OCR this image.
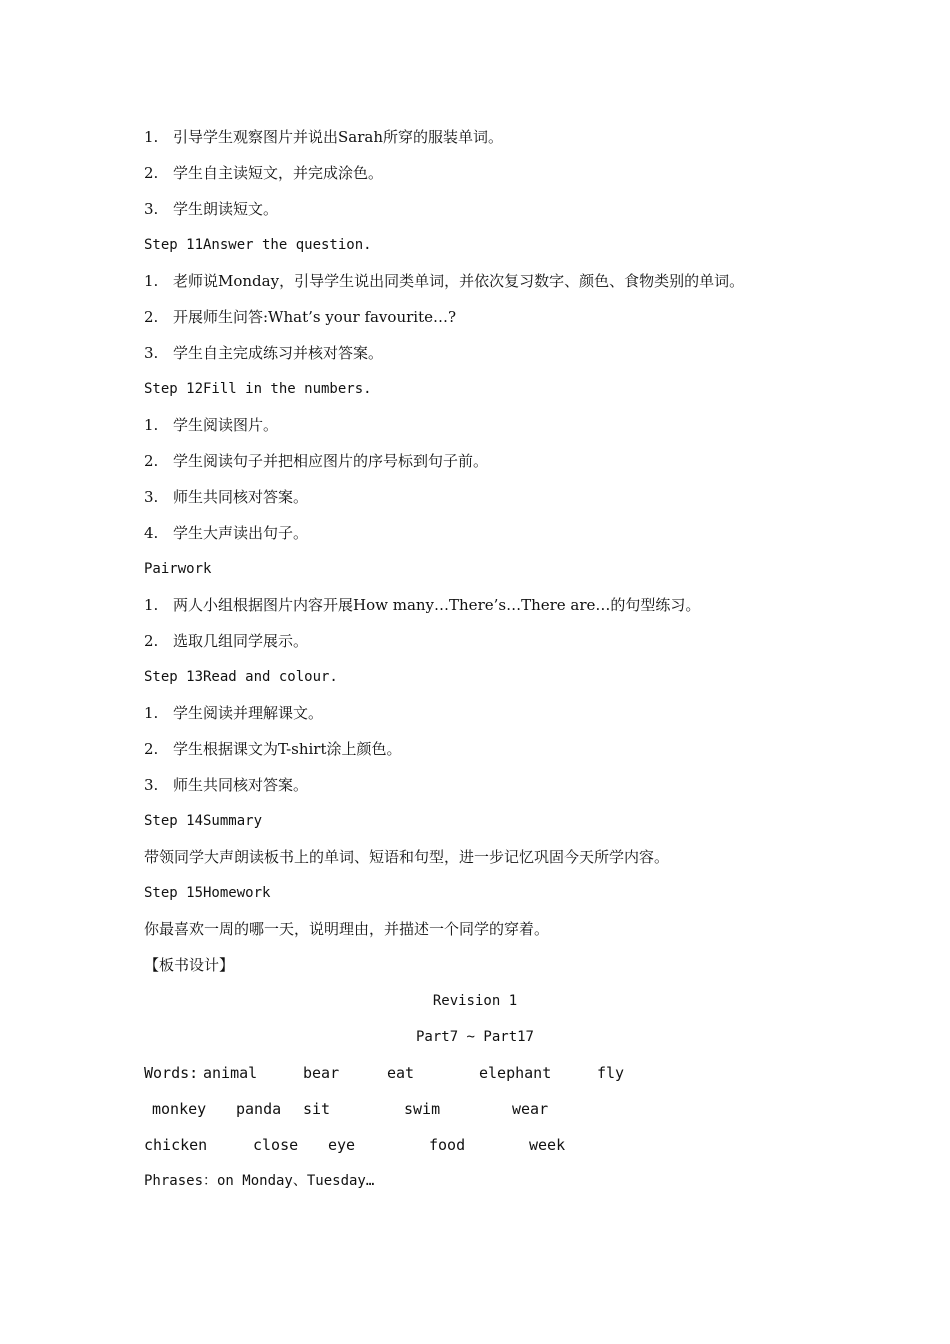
1. 引导学生观察图片并说出Sarah所穿的服装单词。
2. 学生自主读短文，并完成涂色。
3. 学生朗读短文。
Step 11Answer the question.
1. 老师说Monday，引导学生说出同类单词，并依次复习数字、颜色、食物类别的单词。
2. 开展师生问答:What’s your favourite…?
3. 学生自主完成练习并核对答案。
Step 12Fill in the numbers.
1. 学生阅读图片。
2. 学生阅读句子并把相应图片的序号标到句子前。
3. 师生共同核对答案。
4. 学生大声读出句子。
Pairwork
1. 两人小组根据图片内容开展How many…There’s…There are…的句型练习。
2. 选取几组同学展示。
Step 13Read and colour.
1. 学生阅读并理解课文。
2. 学生根据课文为T-shirt涂上颜色。
3. 师生共同核对答案。
Step 14Summary
带领同学大声朗读板书上的单词、短语和句型，进一步记忆巩固今天所学内容。
Step 15Homework
你最喜欢一周的哪一天，说明理由，并描述一个同学的穿着。
【板书设计】
Revision 1
Part7 ~ Part17

Words:

animal

	bear

	eat

	elephant

	fly

monkey

panda

sit

	swim

	wear

chicken

	close

eye

	food

	week

Phrases：on Monday、Tuesday…
